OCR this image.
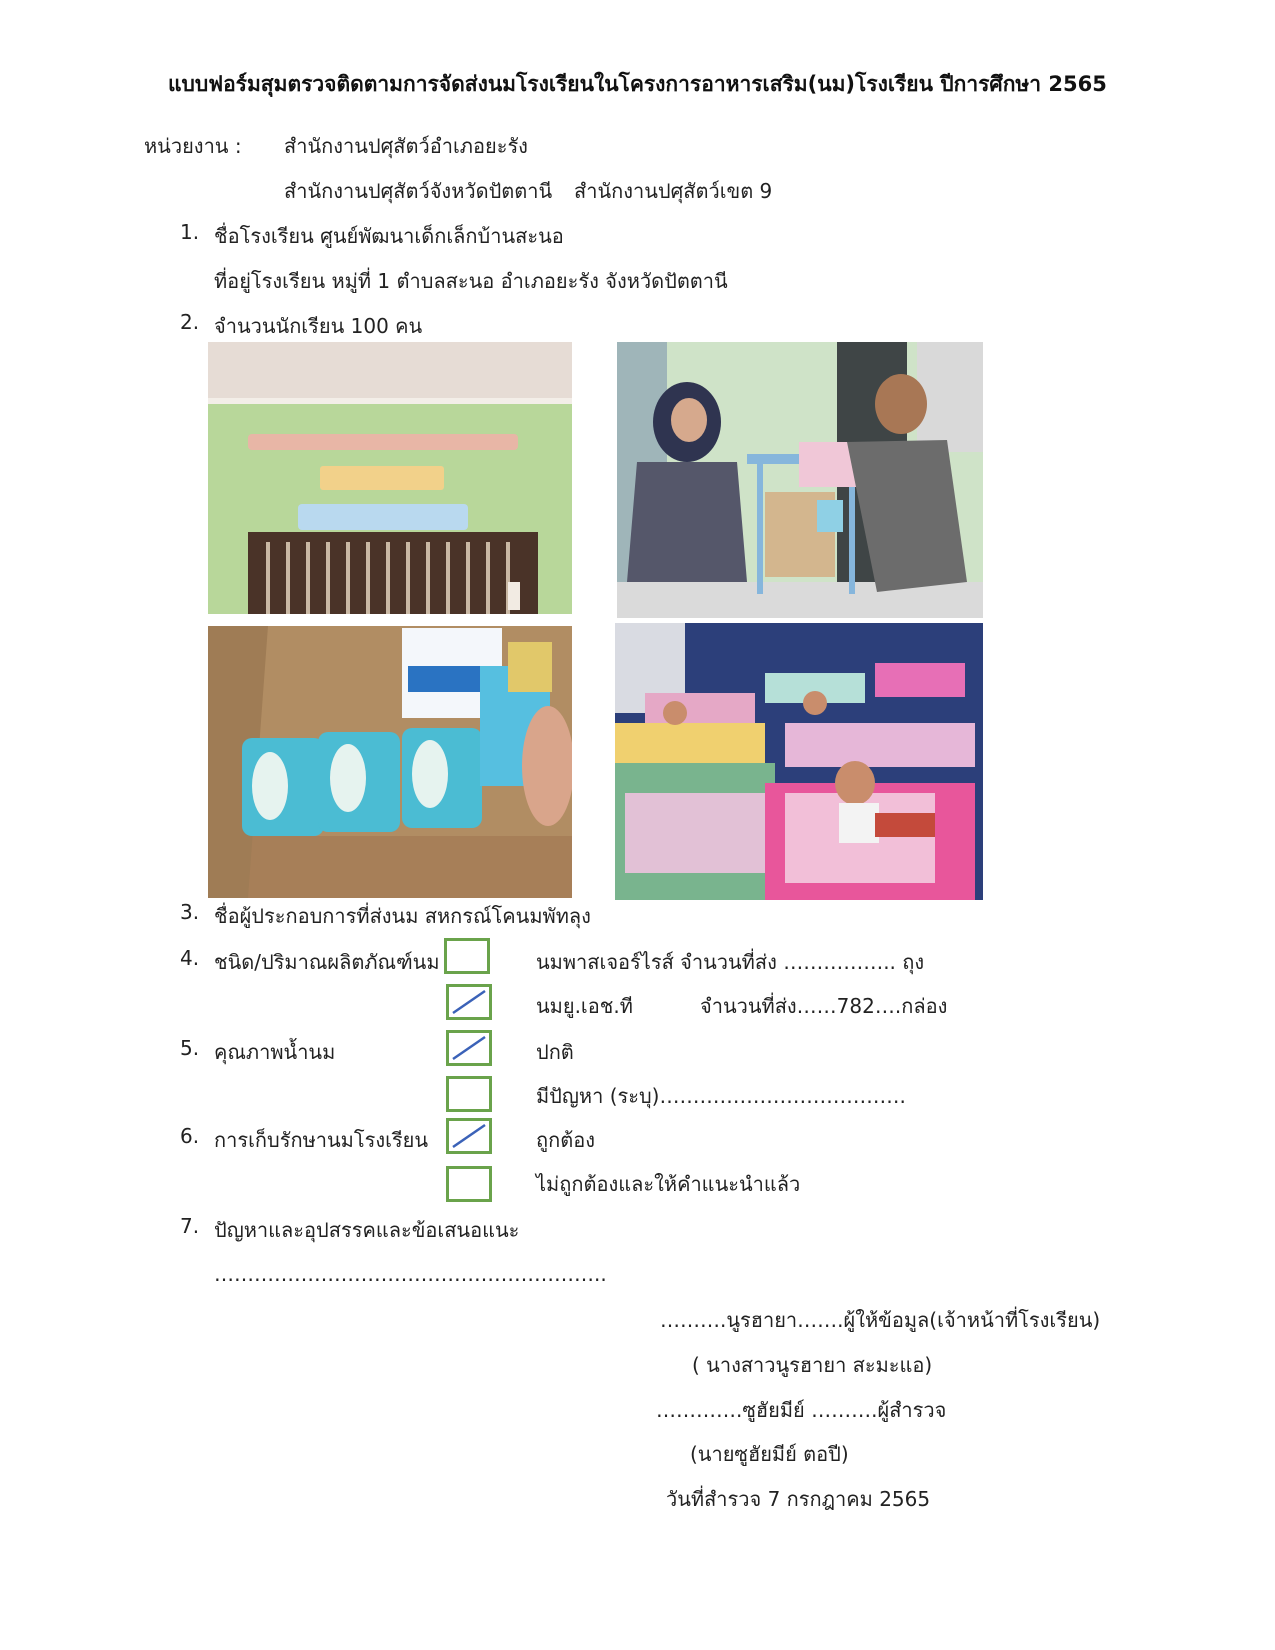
แบบฟอร์มสุมตรวจติดตามการจัดส่งนมโรงเรียนในโครงการอาหารเสริม(นม)โรงเรียน ปีการศึกษา 2565
หน่วยงาน : สำนักงานปศุสัตว์อำเภอยะรัง
สำนักงานปศุสัตว์จังหวัดปัตตานี สำนักงานปศุสัตว์เขต 9
1. ชื่อโรงเรียน ศูนย์พัฒนาเด็กเล็กบ้านสะนอ
ที่อยู่โรงเรียน หมู่ที่ 1 ตำบลสะนอ อำเภอยะรัง จังหวัดปัตตานี
2. จำนวนนักเรียน 100 คน
3. ชื่อผู้ประกอบการที่ส่งนม สหกรณ์โคนมพัทลุง
4. ชนิด/ปริมาณผลิตภัณฑ์นม	นมพาสเจอร์ไรส์ จำนวนที่ส่ง …………….. ถุง
นมยู.เอช.ที	จำนวนที่ส่ง……782….กล่อง
5. คุณภาพน้ำนม	ปกติ
มีปัญหา (ระบุ)……………………………….
6. การเก็บรักษานมโรงเรียน	ถูกต้อง
ไม่ถูกต้องและให้คำแนะนำแล้ว
7. ปัญหาและอุปสรรคและข้อเสนอแนะ
…………………………………………………..
……….นูรฮายา…….ผู้ให้ข้อมูล(เจ้าหน้าที่โรงเรียน)
( นางสาวนูรฮายา สะมะแอ)
………….ซูฮัยมีย์ ……….ผู้สำรวจ
(นายซูฮัยมีย์ ตอปี)
วันที่สำรวจ 7 กรกฎาคม 2565
